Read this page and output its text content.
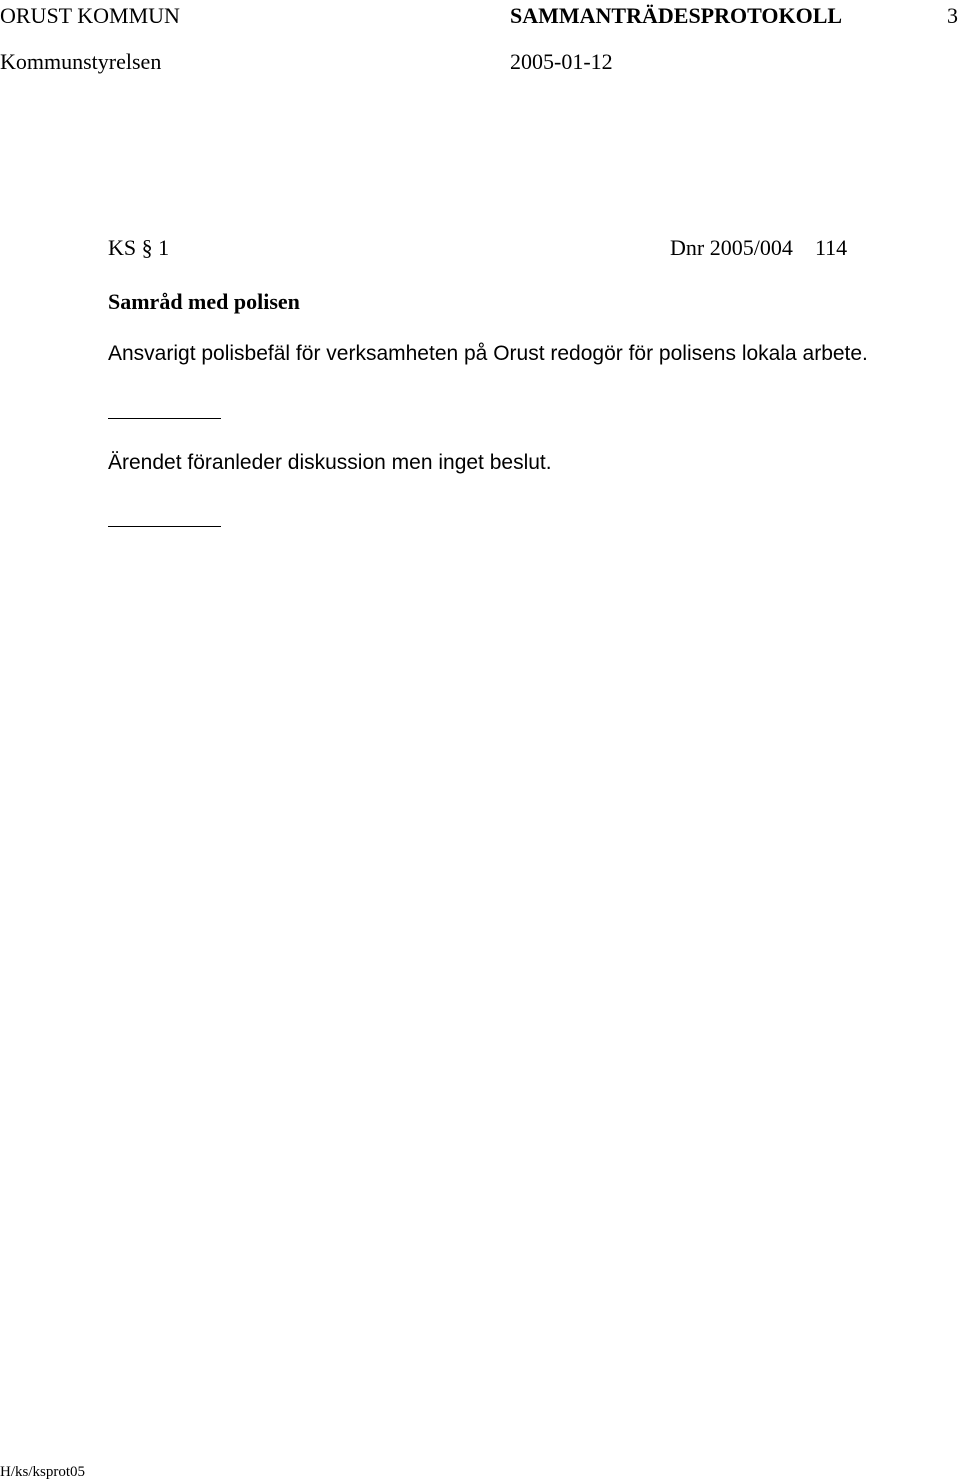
ORUST KOMMUN	SAMMANTRÄDESPROTOKOLL	3
Kommunstyrelsen	2005-01-12
KS § 1	Dnr 2005/004 114
Samråd med polisen
Ansvarigt polisbefäl för verksamheten på Orust redogör för polisens lokala arbete.
Ärendet föranleder diskussion men inget beslut.
H/ks/ksprot05
